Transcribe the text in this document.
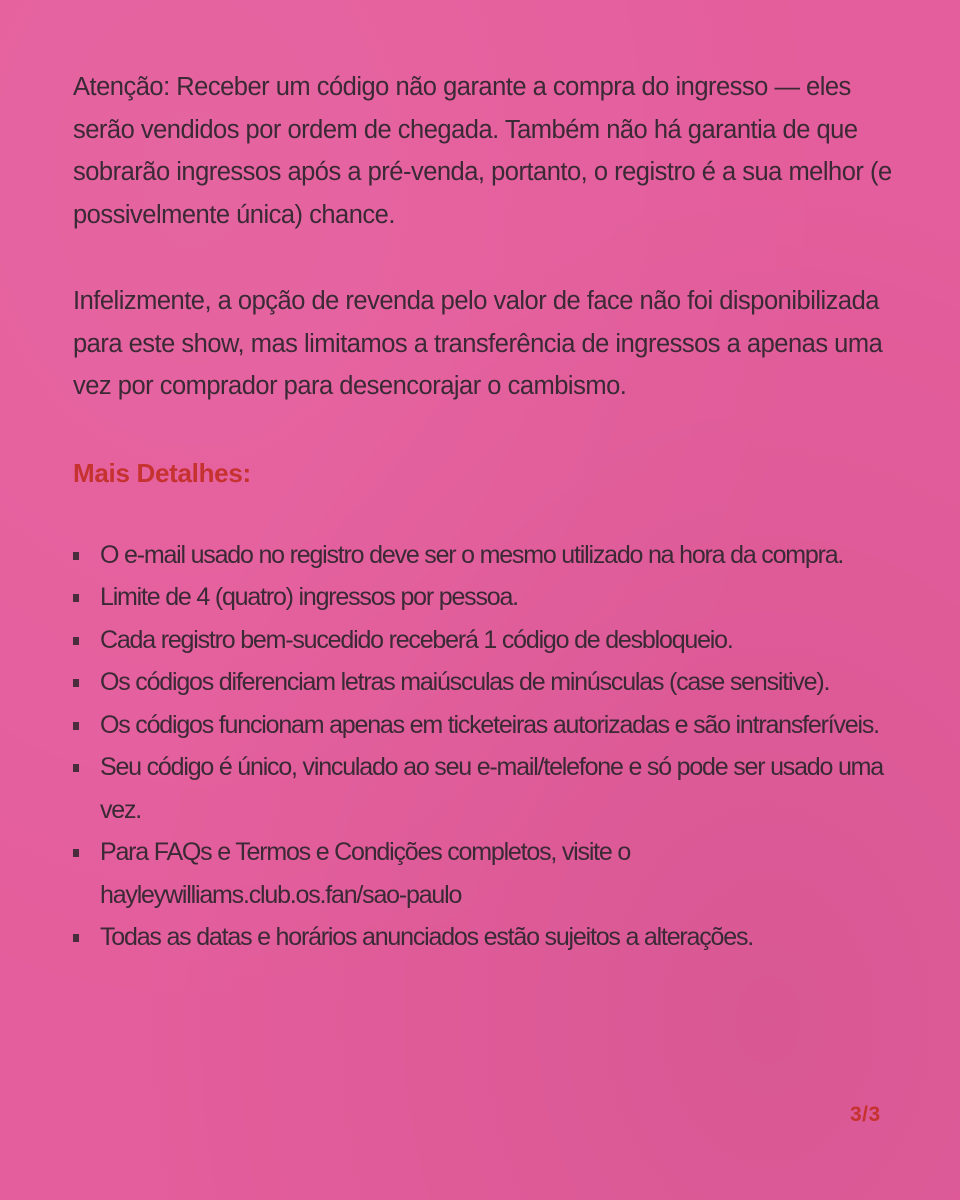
Atenção: Receber um código não garante a compra do ingresso — eles serão vendidos por ordem de chegada. Também não há garantia de que sobrarão ingressos após a pré-venda, portanto, o registro é a sua melhor (e possivelmente única) chance.

Infelizmente, a opção de revenda pelo valor de face não foi disponibilizada para este show, mas limitamos a transferência de ingressos a apenas uma vez por comprador para desencorajar o cambismo.

Mais Detalhes:
O e-mail usado no registro deve ser o mesmo utilizado na hora da compra.
Limite de 4 (quatro) ingressos por pessoa.
Cada registro bem-sucedido receberá 1 código de desbloqueio.
Os códigos diferenciam letras maiúsculas de minúsculas (case sensitive).
Os códigos funcionam apenas em ticketeiras autorizadas e são intransferíveis.
Seu código é único, vinculado ao seu e-mail/telefone e só pode ser usado uma vez.
Para FAQs e Termos e Condições completos, visite o hayleywilliams.club.os.fan/sao-paulo
Todas as datas e horários anunciados estão sujeitos a alterações.
3/3
